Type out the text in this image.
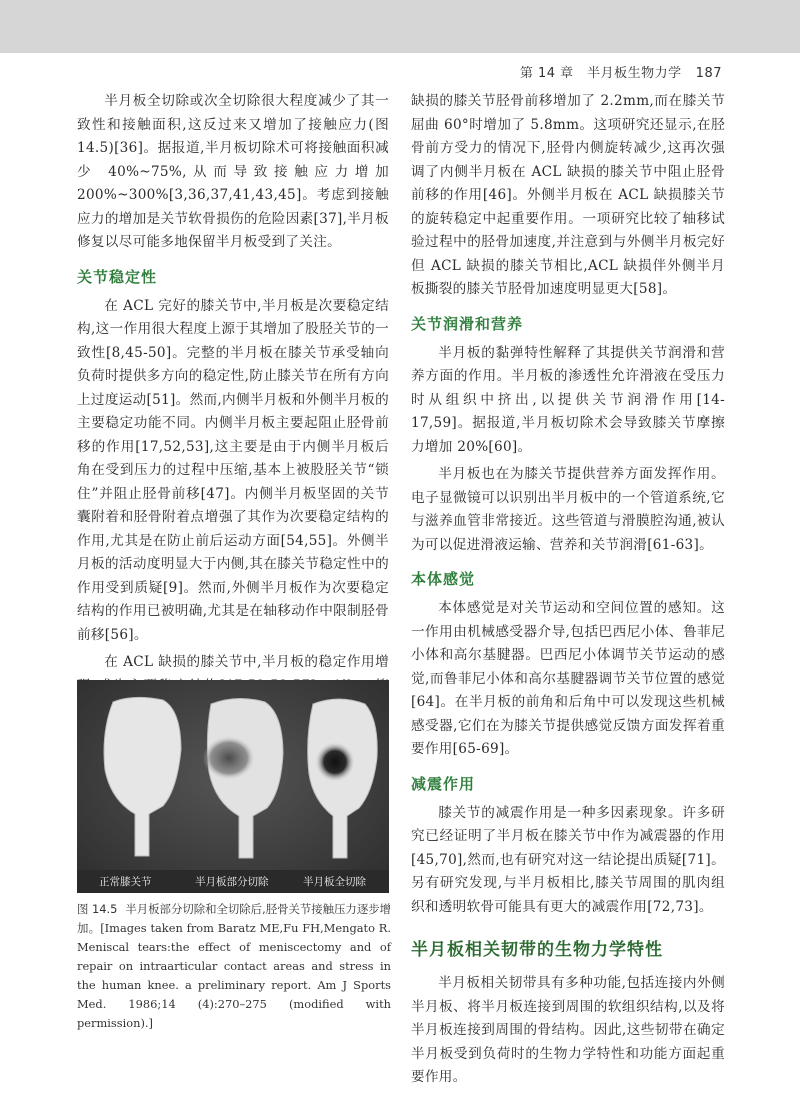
第 14 章　半月板生物力学 187

半月板全切除或次全切除很大程度减少了其一致性和接触面积,这反过来又增加了接触应力(图 14.5)[36]。据报道,半月板切除术可将接触面积减少 40%~75%,从而导致接触应力增加 200%~300%[3,36,37,41,43,45]。考虑到接触应力的增加是关节软骨损伤的危险因素[37],半月板修复以尽可能多地保留半月板受到了关注。

关节稳定性

在 ACL 完好的膝关节中,半月板是次要稳定结构,这一作用很大程度上源于其增加了股胫关节的一致性[8,45-50]。完整的半月板在膝关节承受轴向负荷时提供多方向的稳定性,防止膝关节在所有方向上过度运动[51]。然而,内侧半月板和外侧半月板的主要稳定功能不同。内侧半月板主要起阻止胫骨前移的作用[17,52,53],这主要是由于内侧半月板后角在受到压力的过程中压缩,基本上被股胫关节“锁住”并阻止胫骨前移[47]。内侧半月板坚固的关节囊附着和胫骨附着点增强了其作为次要稳定结构的作用,尤其是在防止前后运动方面[54,55]。外侧半月板的活动度明显大于内侧,其在膝关节稳定性中的作用受到质疑[9]。然而,外侧半月板作为次要稳定结构的作用已被明确,尤其是在轴移动作中限制胫骨前移[56]。

在 ACL 缺损的膝关节中,半月板的稳定作用增

正常膝关节	半月板部分切除	半月板全切除
图 14.5 半月板部分切除和全切除后,胫骨关节接触压力逐步增加。[Images taken from Baratz ME,Fu FH,Mengato R. Meniscal tears:the effect of meniscectomy and of repair on intraarticular contact areas and stress in the human knee. a preliminary report. Am J Sports Med. 1986;14 (4):270–275 (modified with permission).]

缺损的膝关节胫骨前移增加了 2.2mm,而在膝关节屈曲 60°时增加了 5.8mm。这项研究还显示,在胫骨前方受力的情况下,胫骨内侧旋转减少,这再次强调了内侧半月板在 ACL 缺损的膝关节中阻止胫骨前移的作用[46]。外侧半月板在 ACL 缺损膝关节的旋转稳定中起重要作用。一项研究比较了轴移试验过程中的胫骨加速度,并注意到与外侧半月板完好但 ACL 缺损的膝关节相比,ACL 缺损伴外侧半月板撕裂的膝关节胫骨加速度明显更大[58]。

关节润滑和营养

半月板的黏弹特性解释了其提供关节润滑和营养方面的作用。半月板的渗透性允许滑液在受压力时从组织中挤出,以提供关节润滑作用[14-17,59]。据报道,半月板切除术会导致膝关节摩擦力增加 20%[60]。

半月板也在为膝关节提供营养方面发挥作用。电子显微镜可以识别出半月板中的一个管道系统,它与滋养血管非常接近。这些管道与滑膜腔沟通,被认为可以促进滑液运输、营养和关节润滑[61-63]。

本体感觉

本体感觉是对关节运动和空间位置的感知。这一作用由机械感受器介导,包括巴西尼小体、鲁菲尼小体和高尔基腱器。巴西尼小体调节关节运动的感觉,而鲁菲尼小体和高尔基腱器调节关节位置的感觉[64]。在半月板的前角和后角中可以发现这些机械感受器,它们在为膝关节提供感觉反馈方面发挥着重要作用[65-69]。

减震作用

膝关节的减震作用是一种多因素现象。许多研究已经证明了半月板在膝关节中作为减震器的作用[45,70],然而,也有研究对这一结论提出质疑[71]。另有研究发现,与半月板相比,膝关节周围的肌肉组织和透明软骨可能具有更大的减震作用[72,73]。

半月板相关韧带的生物力学特性

半月板相关韧带具有多种功能,包括连接内外侧半月板、将半月板连接到周围的软组织结构,以及将半月板连接到周围的骨结构。因此,这些韧带在确定半月板受到负荷时的生物力学特性和功能方面起重要作用。
